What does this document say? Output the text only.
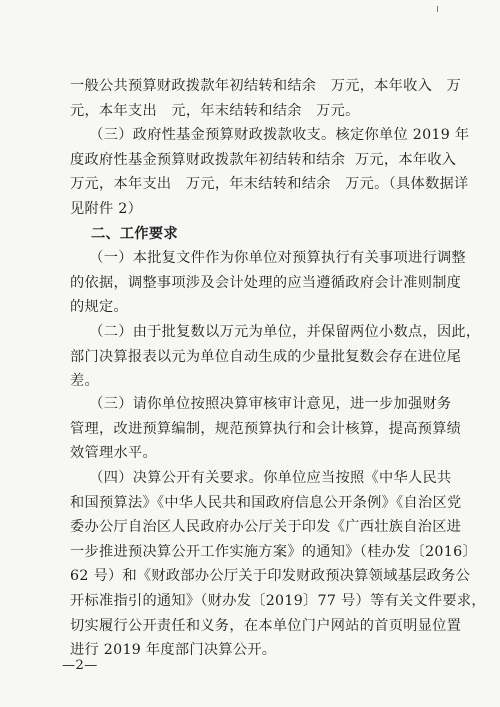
一般公共预算财政拨款年初结转和结余   万元，本年收入   万
元，本年支出   元，年末结转和结余   万元。
（三）政府性基金预算财政拨款收支。核定你单位 2019 年
度政府性基金预算财政拨款年初结转和结余  万元，本年收入
万元，本年支出   万元，年末结转和结余   万元。（具体数据详
见附件 2）
二、工作要求
（一）本批复文件作为你单位对预算执行有关事项进行调整
的依据，调整事项涉及会计处理的应当遵循政府会计准则制度
的规定。
（二）由于批复数以万元为单位，并保留两位小数点，因此，
部门决算报表以元为单位自动生成的少量批复数会存在进位尾
差。
（三）请你单位按照决算审核审计意见，进一步加强财务
管理，改进预算编制，规范预算执行和会计核算，提高预算绩
效管理水平。
（四）决算公开有关要求。你单位应当按照《中华人民共
和国预算法》《中华人民共和国政府信息公开条例》《自治区党
委办公厅自治区人民政府办公厅关于印发《广西壮族自治区进
一步推进预决算公开工作实施方案》的通知》（桂办发〔2016〕
62 号）和《财政部办公厅关于印发财政预决算领域基层政务公
开标准指引的通知》（财办发〔2019〕77 号）等有关文件要求，
切实履行公开责任和义务，在本单位门户网站的首页明显位置
进行 2019 年度部门决算公开。
—2—
